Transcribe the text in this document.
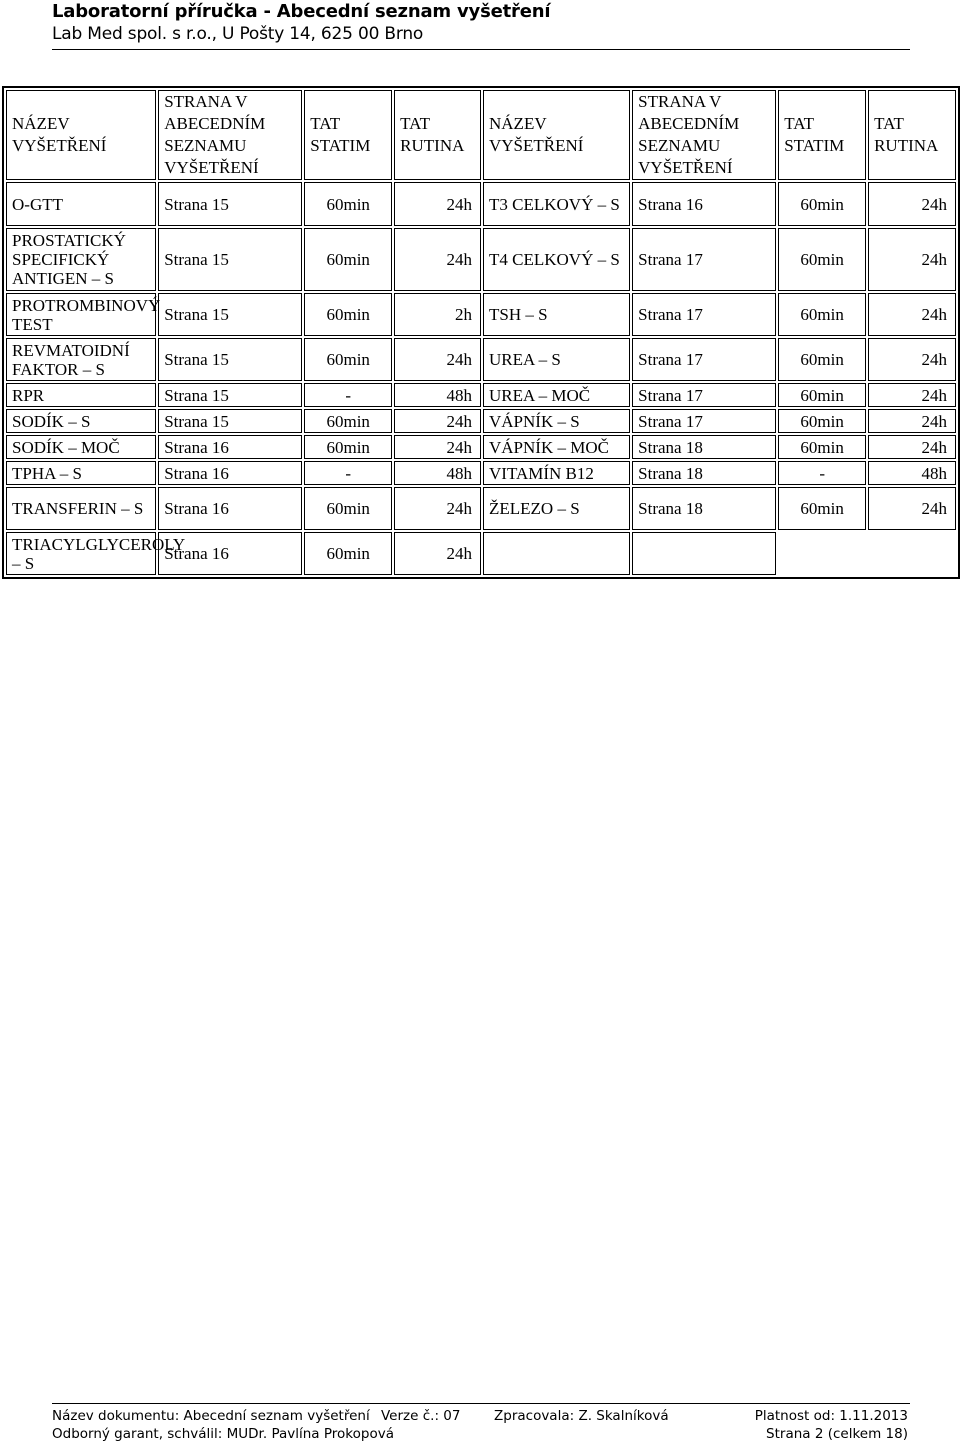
Laboratorní příručka - Abecední seznam vyšetření
Lab Med spol. s r.o., U Pošty 14, 625 00 Brno
NÁZEV VYŠETŘENÍ	STRANA V ABECEDNÍM SEZNAMU VYŠETŘENÍ	TAT STATIM	TAT RUTINA	NÁZEV VYŠETŘENÍ	STRANA V ABECEDNÍM SEZNAMU VYŠETŘENÍ	TAT STATIM	TAT RUTINA
O-GTT	Strana 15	60min	24h	T3 CELKOVÝ – S	Strana 16	60min	24h
PROSTATICKÝ SPECIFICKÝ ANTIGEN – S	Strana 15	60min	24h	T4 CELKOVÝ – S	Strana 17	60min	24h
PROTROMBINOVÝ TEST	Strana 15	60min	2h	TSH – S	Strana 17	60min	24h
REVMATOIDNÍ FAKTOR – S	Strana 15	60min	24h	UREA – S	Strana 17	60min	24h
RPR	Strana 15	-	48h	UREA – MOČ	Strana 17	60min	24h
SODÍK – S	Strana 15	60min	24h	VÁPNÍK – S	Strana 17	60min	24h
SODÍK – MOČ	Strana 16	60min	24h	VÁPNÍK – MOČ	Strana 18	60min	24h
TPHA – S	Strana 16	-	48h	VITAMÍN B12	Strana 18	-	48h
TRANSFERIN – S	Strana 16	60min	24h	ŽELEZO – S	Strana 18	60min	24h
TRIACYLGLYCEROLY – S	Strana 16	60min	24h				
Název dokumentu: Abecední seznam vyšetření Verze č.: 07 Zpracovala: Z. Skalníková	Platnost od: 1.11.2013
Odborný garant, schválil: MUDr. Pavlína Prokopová	Strana 2 (celkem 18)
